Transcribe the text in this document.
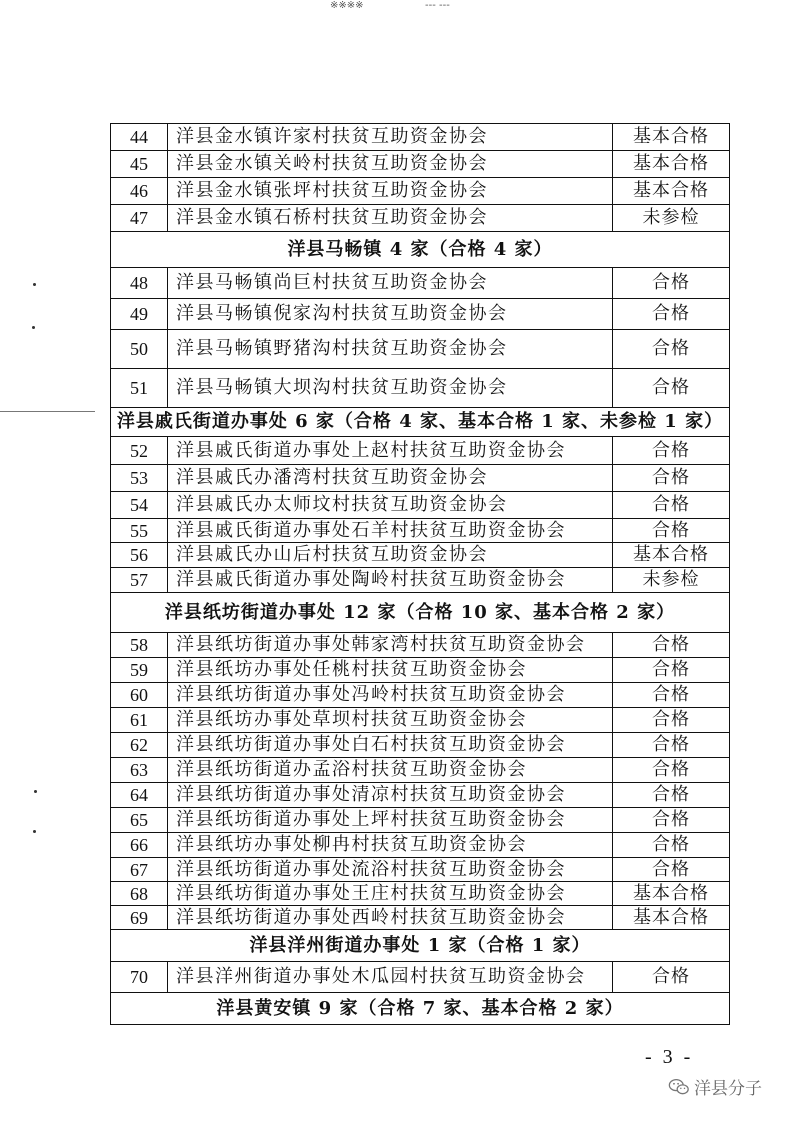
※※※※	--- ---
44	洋县金水镇许家村扶贫互助资金协会	基本合格
45	洋县金水镇关岭村扶贫互助资金协会	基本合格
46	洋县金水镇张坪村扶贫互助资金协会	基本合格
47	洋县金水镇石桥村扶贫互助资金协会	未参检
洋县马畅镇 4 家（合格 4 家）		
48	洋县马畅镇尚巨村扶贫互助资金协会	合格
49	洋县马畅镇倪家沟村扶贫互助资金协会	合格
50	洋县马畅镇野猪沟村扶贫互助资金协会	合格
51	洋县马畅镇大坝沟村扶贫互助资金协会	合格
洋县戚氏街道办事处 6 家（合格 4 家、基本合格 1 家、未参检 1 家）		
52	洋县戚氏街道办事处上赵村扶贫互助资金协会	合格
53	洋县戚氏办潘湾村扶贫互助资金协会	合格
54	洋县戚氏办太师坟村扶贫互助资金协会	合格
55	洋县戚氏街道办事处石羊村扶贫互助资金协会	合格
56	洋县戚氏办山后村扶贫互助资金协会	基本合格
57	洋县戚氏街道办事处陶岭村扶贫互助资金协会	未参检
洋县纸坊街道办事处 12 家（合格 10 家、基本合格 2 家）		
58	洋县纸坊街道办事处韩家湾村扶贫互助资金协会	合格
59	洋县纸坊办事处任桃村扶贫互助资金协会	合格
60	洋县纸坊街道办事处冯岭村扶贫互助资金协会	合格
61	洋县纸坊办事处草坝村扶贫互助资金协会	合格
62	洋县纸坊街道办事处白石村扶贫互助资金协会	合格
63	洋县纸坊街道办孟浴村扶贫互助资金协会	合格
64	洋县纸坊街道办事处清凉村扶贫互助资金协会	合格
65	洋县纸坊街道办事处上坪村扶贫互助资金协会	合格
66	洋县纸坊办事处柳冉村扶贫互助资金协会	合格
67	洋县纸坊街道办事处流浴村扶贫互助资金协会	合格
68	洋县纸坊街道办事处王庄村扶贫互助资金协会	基本合格
69	洋县纸坊街道办事处西岭村扶贫互助资金协会	基本合格
洋县洋州街道办事处 1 家（合格 1 家）		
70	洋县洋州街道办事处木瓜园村扶贫互助资金协会	合格
洋县黄安镇 9 家（合格 7 家、基本合格 2 家）		
- 3 -
洋县分子
